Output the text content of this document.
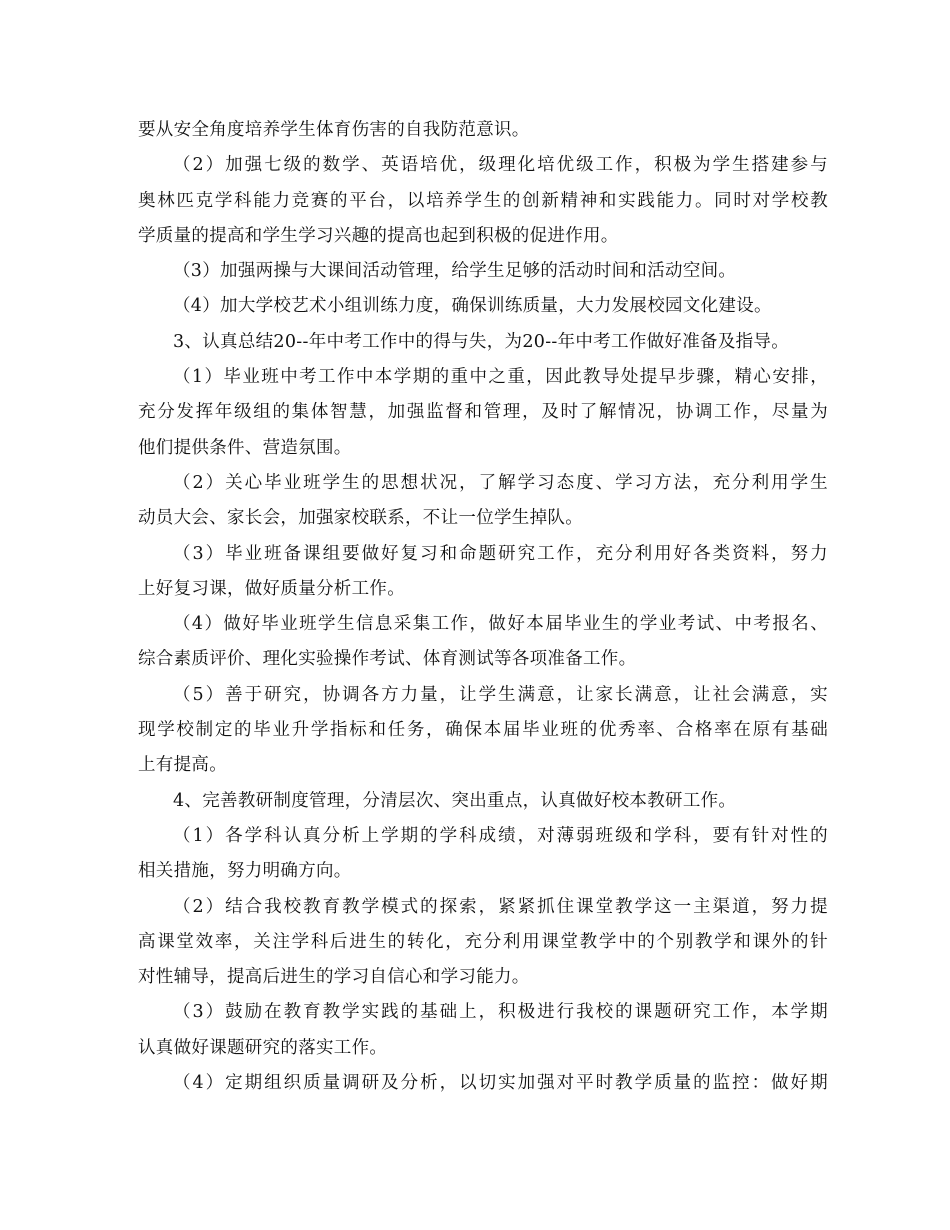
要从安全角度培养学生体育伤害的自我防范意识。
（2）加强七级的数学、英语培优，级理化培优级工作，积极为学生搭建参与
奥林匹克学科能力竞赛的平台，以培养学生的创新精神和实践能力。同时对学校教
学质量的提高和学生学习兴趣的提高也起到积极的促进作用。
（3）加强两操与大课间活动管理，给学生足够的活动时间和活动空间。
（4）加大学校艺术小组训练力度，确保训练质量，大力发展校园文化建设。
3、认真总结20--年中考工作中的得与失，为20--年中考工作做好准备及指导。
（1）毕业班中考工作中本学期的重中之重，因此教导处提早步骤，精心安排，
充分发挥年级组的集体智慧，加强监督和管理，及时了解情况，协调工作，尽量为
他们提供条件、营造氛围。
（2）关心毕业班学生的思想状况，了解学习态度、学习方法，充分利用学生
动员大会、家长会，加强家校联系，不让一位学生掉队。
（3）毕业班备课组要做好复习和命题研究工作，充分利用好各类资料，努力
上好复习课，做好质量分析工作。
（4）做好毕业班学生信息采集工作，做好本届毕业生的学业考试、中考报名、
综合素质评价、理化实验操作考试、体育测试等各项准备工作。
（5）善于研究，协调各方力量，让学生满意，让家长满意，让社会满意，实
现学校制定的毕业升学指标和任务，确保本届毕业班的优秀率、合格率在原有基础
上有提高。
4、完善教研制度管理，分清层次、突出重点，认真做好校本教研工作。
（1）各学科认真分析上学期的学科成绩，对薄弱班级和学科，要有针对性的
相关措施，努力明确方向。
（2）结合我校教育教学模式的探索，紧紧抓住课堂教学这一主渠道，努力提
高课堂效率，关注学科后进生的转化，充分利用课堂教学中的个别教学和课外的针
对性辅导，提高后进生的学习自信心和学习能力。
（3）鼓励在教育教学实践的基础上，积极进行我校的课题研究工作，本学期
认真做好课题研究的落实工作。
（4）定期组织质量调研及分析，以切实加强对平时教学质量的监控：做好期
